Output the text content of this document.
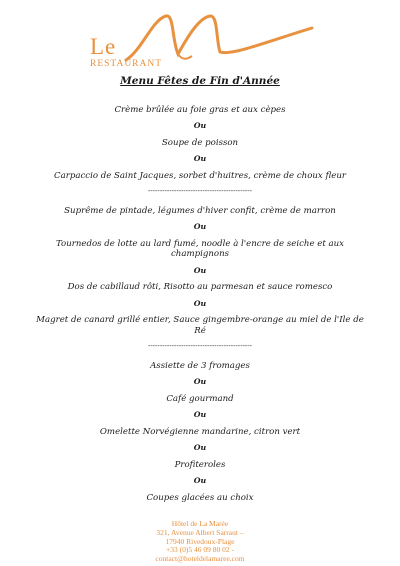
Le
RESTAURANT
Menu Fêtes de Fin d'Année
Crème brûlée au foie gras et aux cèpes
Ou
Soupe de poisson
Ou
Carpaccio de Saint Jacques, sorbet d'huitres, crème de choux fleur
--------------------------------------------
Suprême de pintade, légumes d'hiver confit, crème de marron
Ou
Tournedos de lotte au lard fumé, noodle à l'encre de seiche et aux champignons
Ou
Dos de cabillaud rôti, Risotto au parmesan et sauce romesco
Ou
Magret de canard grillé entier, Sauce gingembre-orange au miel de l'Ile de Ré
--------------------------------------------
Assiette de 3 fromages
Ou
Café gourmand
Ou
Omelette Norvégienne mandarine, citron vert
Ou
Profiteroles
Ou
Coupes glacées au choix
Hôtel de La Marée
321, Avenue Albert Sarraut –
17940 Rivedoux-Plage
+33 (0)5 46 09 80 02 -
contact@hoteldelamaree.com
